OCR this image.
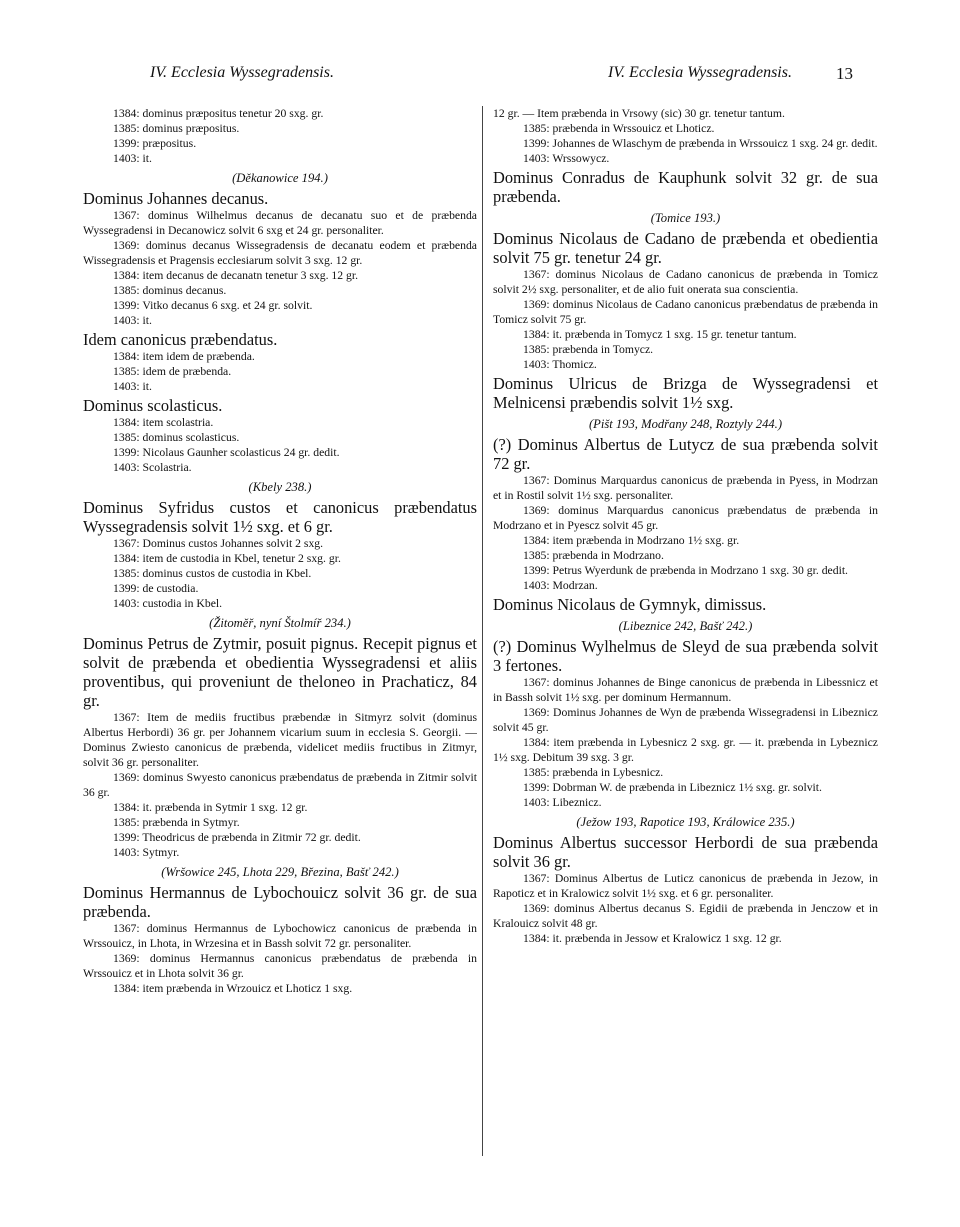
IV. Ecclesia Wyssegradensis.	IV. Ecclesia Wyssegradensis.	13

1384: dominus præpositus tenetur 20 sxg. gr.

1385: dominus præpositus.

1399: præpositus.

1403: it.

(Děkanowice 194.)

Dominus Johannes decanus.

1367: dominus Wilhelmus decanus de decanatu suo et de præbenda Wyssegradensi in Decanowicz solvit 6 sxg et 24 gr. personaliter.

1369: dominus decanus Wissegradensis de decanatu eodem et præbenda Wissegradensis et Pragensis ecclesiarum solvit 3 sxg. 12 gr.

1384: item decanus de decanatn tenetur 3 sxg. 12 gr.

1385: dominus decanus.

1399: Vitko decanus 6 sxg. et 24 gr. solvit.

1403: it.

Idem canonicus præbendatus.

1384: item idem de præbenda.

1385: idem de præbenda.

1403: it.

Dominus scolasticus.

1384: item scolastria.

1385: dominus scolasticus.

1399: Nicolaus Gaunher scolasticus 24 gr. dedit.

1403: Scolastria.

(Kbely 238.)

Dominus Syfridus custos et canonicus præbendatus Wyssegradensis solvit 1½ sxg. et 6 gr.

1367: Dominus custos Johannes solvit 2 sxg.

1384: item de custodia in Kbel, tenetur 2 sxg. gr.

1385: dominus custos de custodia in Kbel.

1399: de custodia.

1403: custodia in Kbel.

(Žitoměř, nyní Štolmíř 234.)

Dominus Petrus de Zytmir, posuit pignus. Recepit pignus et solvit de præbenda et obedientia Wyssegradensi et aliis proventibus, qui proveniunt de theloneo in Prachaticz, 84 gr.

1367: Item de mediis fructibus præbendæ in Sitmyrz solvit (dominus Albertus Herbordi) 36 gr. per Johannem vicarium suum in ecclesia S. Georgii. — Dominus Zwiesto canonicus de præbenda, videlicet mediis fructibus in Zitmyr, solvit 36 gr. personaliter.

1369: dominus Swyesto canonicus præbendatus de præbenda in Zitmir solvit 36 gr.

1384: it. præbenda in Sytmir 1 sxg. 12 gr.

1385: præbenda in Sytmyr.

1399: Theodricus de præbenda in Zitmir 72 gr. dedit.

1403: Sytmyr.

(Wršowice 245, Lhota 229, Březina, Bašť 242.)

Dominus Hermannus de Lybochouicz solvit 36 gr. de sua præbenda.

1367: dominus Hermannus de Lybochowicz canonicus de præbenda in Wrssouicz, in Lhota, in Wrzesina et in Bassh solvit 72 gr. personaliter.

1369: dominus Hermannus canonicus præbendatus de præbenda in Wrssouicz et in Lhota solvit 36 gr.

1384: item præbenda in Wrzouicz et Lhoticz 1 sxg.

12 gr. — Item præbenda in Vrsowy (sic) 30 gr. tenetur tantum.

1385: præbenda in Wrssouicz et Lhoticz.

1399: Johannes de Wlaschym de præbenda in Wrssouicz 1 sxg. 24 gr. dedit.

1403: Wrssowycz.

Dominus Conradus de Kauphunk solvit 32 gr. de sua præbenda.

(Tomice 193.)

Dominus Nicolaus de Cadano de præbenda et obedientia solvit 75 gr. tenetur 24 gr.

1367: dominus Nicolaus de Cadano canonicus de præbenda in Tomicz solvit 2½ sxg. personaliter, et de alio fuit onerata sua conscientia.

1369: dominus Nicolaus de Cadano canonicus præbendatus de præbenda in Tomicz solvit 75 gr.

1384: it. præbenda in Tomycz 1 sxg. 15 gr. tenetur tantum.

1385: præbenda in Tomycz.

1403: Thomicz.

Dominus Ulricus de Brizga de Wyssegradensi et Melnicensi præbendis solvit 1½ sxg.

(Pišt 193, Modřany 248, Roztyly 244.)

(?) Dominus Albertus de Lutycz de sua præbenda solvit 72 gr.

1367: Dominus Marquardus canonicus de præbenda in Pyess, in Modrzan et in Rostil solvit 1½ sxg. personaliter.

1369: dominus Marquardus canonicus præbendatus de præbenda in Modrzano et in Pyescz solvit 45 gr.

1384: item præbenda in Modrzano 1½ sxg. gr.

1385: præbenda in Modrzano.

1399: Petrus Wyerdunk de præbenda in Modrzano 1 sxg. 30 gr. dedit.

1403: Modrzan.

Dominus Nicolaus de Gymnyk, dimissus.

(Libeznice 242, Bašť 242.)

(?) Dominus Wylhelmus de Sleyd de sua præbenda solvit 3 fertones.

1367: dominus Johannes de Binge canonicus de præbenda in Libessnicz et in Bassh solvit 1½ sxg. per dominum Hermannum.

1369: Dominus Johannes de Wyn de præbenda Wissegradensi in Libeznicz solvit 45 gr.

1384: item præbenda in Lybesnicz 2 sxg. gr. — it. præbenda in Lybeznicz 1½ sxg. Debitum 39 sxg. 3 gr.

1385: præbenda in Lybesnicz.

1399: Dobrman W. de præbenda in Libeznicz 1½ sxg. gr. solvit.

1403: Libeznicz.

(Ježow 193, Rapotice 193, Králowice 235.)

Dominus Albertus successor Herbordi de sua præbenda solvit 36 gr.

1367: Dominus Albertus de Luticz canonicus de præbenda in Jezow, in Rapoticz et in Kralowicz solvit 1½ sxg. et 6 gr. personaliter.

1369: dominus Albertus decanus S. Egidii de præbenda in Jenczow et in Kralouicz solvit 48 gr.

1384: it. præbenda in Jessow et Kralowicz 1 sxg. 12 gr.
